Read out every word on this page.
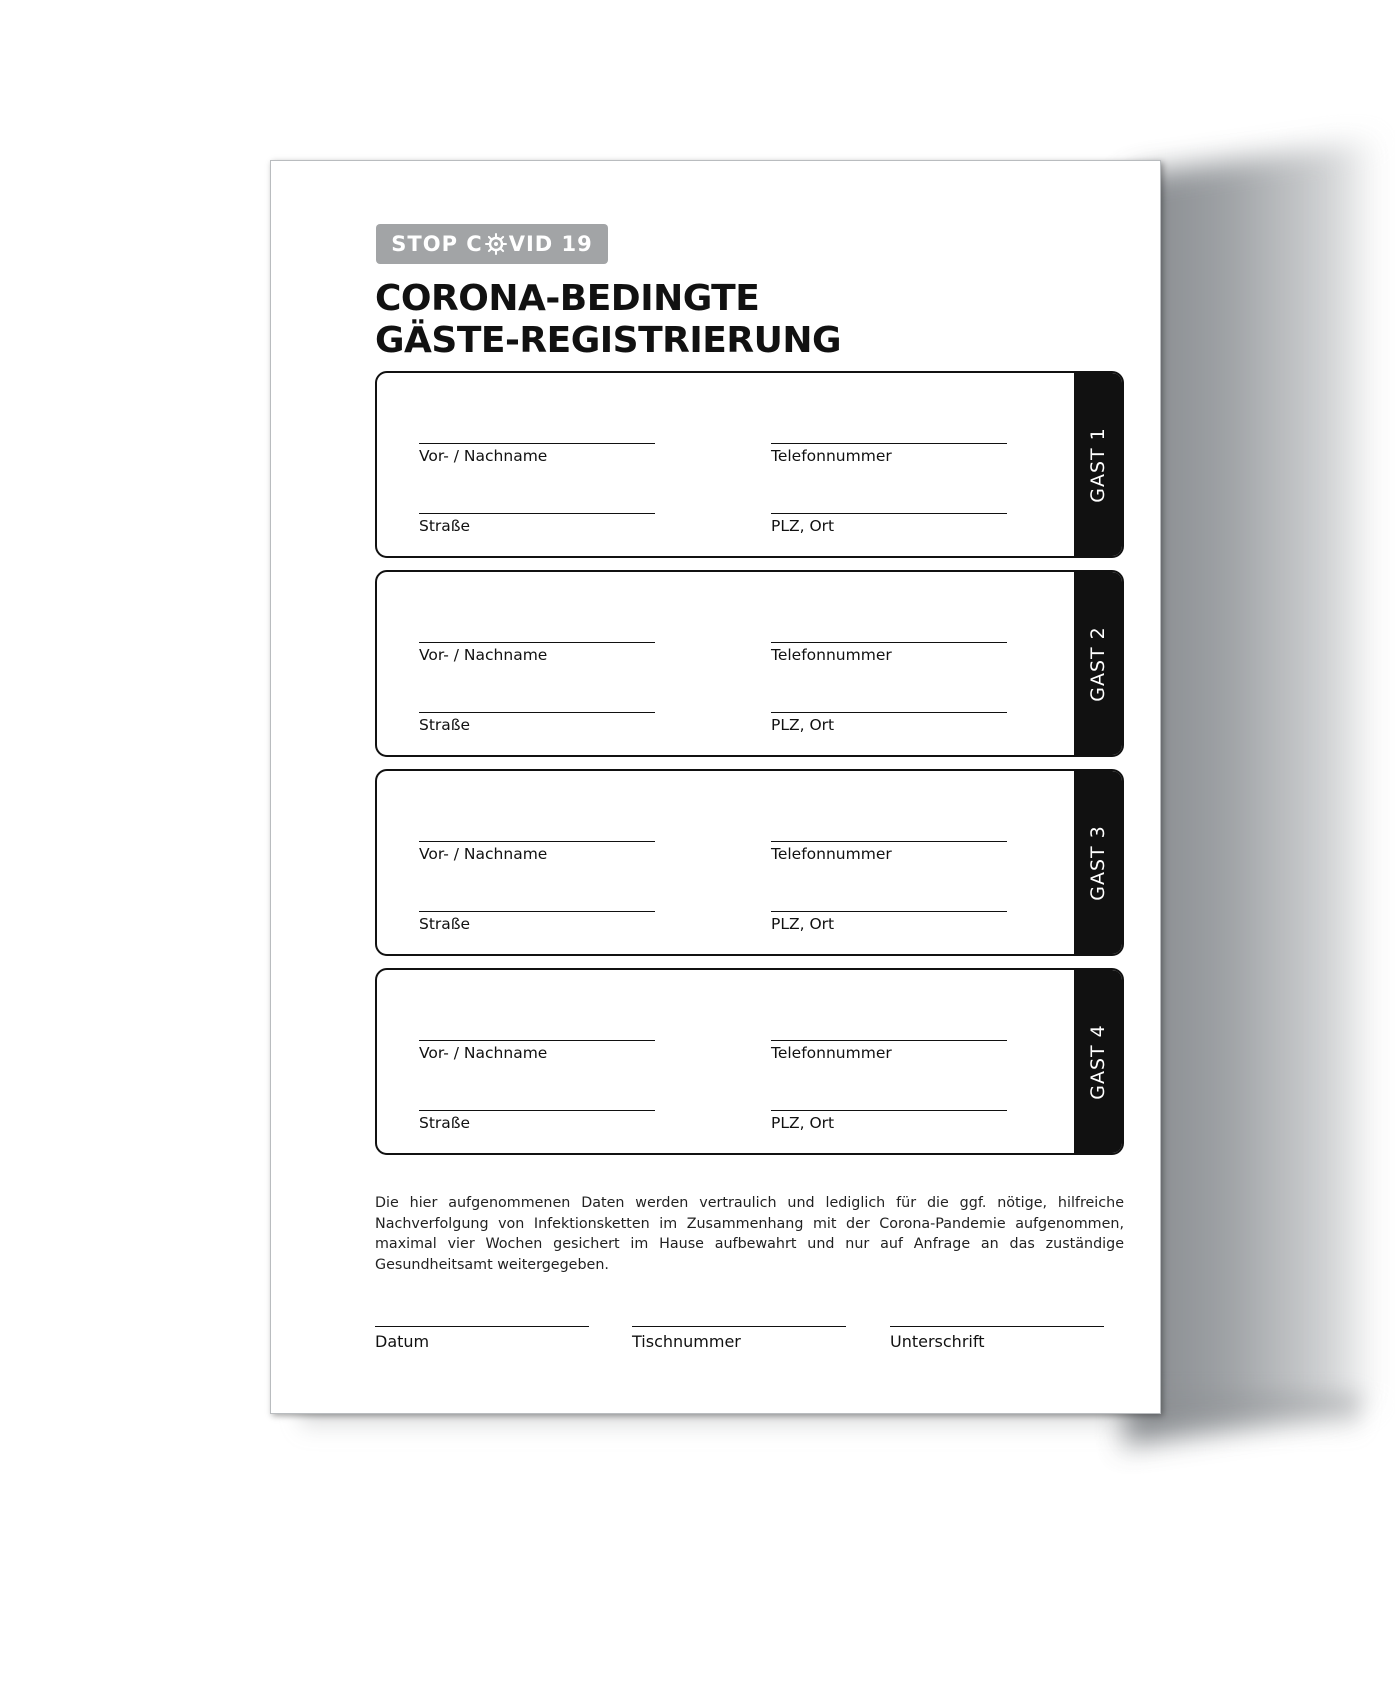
STOP C VID 19
CORONA-BEDINGTE
GÄSTE-REGISTRIERUNG
Vor- / Nachname	Telefonnummer
Straße	PLZ, Ort
GAST 1
Vor- / Nachname	Telefonnummer
Straße	PLZ, Ort
GAST 2
Vor- / Nachname	Telefonnummer
Straße	PLZ, Ort
GAST 3
Vor- / Nachname	Telefonnummer
Straße	PLZ, Ort
GAST 4

Die hier aufgenommenen Daten werden vertraulich und lediglich für die ggf. nötige, hilfreiche Nachverfolgung von Infektionsketten im Zusammenhang mit der Corona-Pandemie aufgenommen, maximal vier Wochen gesichert im Hause aufbewahrt und nur auf Anfrage an das zuständige Gesundheitsamt weitergegeben.

Datum	Tischnummer	Unterschrift
